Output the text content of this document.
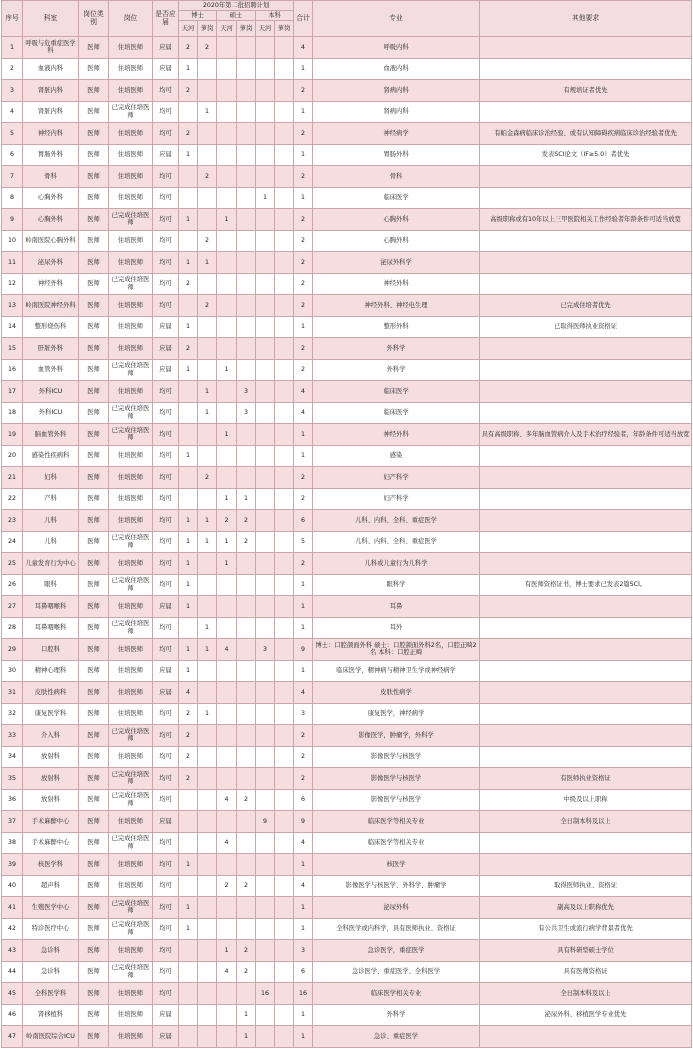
序号	科室	岗位类别	岗位	是否应届	2020年第二批招聘计划						合计	专业	其他要求
					博士		硕士		本科				
					天河	萝岗	天河	萝岗	天河	萝岗			
1	呼吸与危重症医学科	医师	住培医师	应届	2	2					4	呼吸内科	
2	血液内科	医师	住培医师	应届	1						1	血液内科	
3	肾脏内科	医师	住培医师	均可	2						2	肾病内科	有规培证者优先
4	肾脏内科	医师	已完成住培医师	均可		1					1	肾病内科	
5	神经内科	医师	住培医师	均可	2						2	神经病学	有帕金森病临床诊治经验、或有认知障碍疾病临床诊治经验者优先
6	胃肠外科	医师	住培医师	应届	1						1	胃肠外科	发表SCI论文（IF≥5.0）者优先
7	骨科	医师	住培医师	均可		2					2	骨科	
8	心胸外科	医师	住培医师	均可					1		1	临床医学	
9	心胸外科	医师	已完成住培医师	均可	1		1				2	心胸外科	高级职称或有10年以上三甲医院相关工作经验者年龄条件可适当放宽
10	岭南医院心胸外科	医师	住培医师	均可		2					2	心胸外科	
11	泌尿外科	医师	住培医师	均可	1	1					2	泌尿外科学	
12	神经外科	医师	已完成住培医师	均可	2						2	神经外科	
13	岭南医院神经外科	医师	住培医师	均可		2					2	神经外科、神经电生理	已完成住培者优先
14	整形烧伤科	医师	住培医师	应届	1						1	整形外科	已取得医师执业资格证
15	肝脏外科	医师	住培医师	应届	2						2	外科学	
16	血管外科	医师	已完成住培医师	应届	1		1				2	外科学	
17	外科ICU	医师	住培医师	均可		1		3			4	临床医学	
18	外科ICU	医师	已完成住培医师	均可		1		3			4	临床医学	
19	脑血管外科	医师	已完成住培医师	均可			1				1	神经外科	具有高级职称、多年脑血管病介入及手术治疗经验者，年龄条件可适当放宽
20	感染性疾病科	医师	住培医师	均可	1						1	感染	
21	妇科	医师	住培医师	均可		2					2	妇产科学	
22	产科	医师	住培医师	均可			1	1			2	妇产科学	
23	儿科	医师	住培医师	均可	1	1	2	2			6	儿科、内科、全科、重症医学	
24	儿科	医师	已完成住培医师	均可	1	1	1	2			5	儿科、内科、全科、重症医学	
25	儿童发育行为中心	医师	住培医师	均可	1		1				2	儿科或儿童行为儿科学	
26	眼科	医师	已完成住培医师	均可	1						1	眼科学	有医师资格证书，博士要求已发表2篇SCI。
27	耳鼻咽喉科	医师	住培医师	应届	1						1	耳鼻	
28	耳鼻咽喉科	医师	已完成住培医师	均可		1					1	耳外	
29	口腔科	医师	住培医师	均可	1	1	4		3		9	博士：口腔颌面外科 硕士：口腔颌面外科2名，口腔正畸2名 本科：口腔正畸	
30	精神心理科	医师	住培医师	应届	1						1	临床医学，精神病与精神卫生学或神经病学	
31	皮肤性病科	医师	住培医师	应届	4						4	皮肤性病学	
32	康复医学科	医师	住培医师	均可	2	1					3	康复医学，神经病学	
33	介入科	医师	已完成住培医师	均可	2						2	影像医学，肿瘤学，外科学	
34	放射科	医师	住培医师	均可	2						2	影像医学与核医学	
35	放射科	医师	已完成住培医师	均可	2						2	影像医学与核医学	有医师执业资格证
36	放射科	医师	已完成住培医师	均可			4	2			6	影像医学与核医学	中级及以上职称
37	手术麻醉中心	医师	住培医师	应届					9		9	临床医学等相关专业	全日制本科及以上
38	手术麻醉中心	医师	已完成住培医师	均可			4				4	临床医学等相关专业	
39	核医学科	医师	住培医师	均可	1						1	核医学	
40	超声科	医师	住培医师	均可			2	2			4	影像医学与核医学、外科学、肿瘤学	取得医师执业、资格证
41	生殖医学中心	医师	已完成住培医师	均可	1						1	泌尿外科	副高及以上职称优先
42	特诊医疗中心	医师	已完成住培医师	均可	1						1	全科医学或内科学，具有医师执业、资格证	有公共卫生或流行病学背景者优先
43	急诊科	医师	住培医师	均可			1	2			3	急诊医学，重症医学	具有科研型硕士学位
44	急诊科	医师	已完成住培医师	均可			4	2			6	急诊医学、重症医学、全科医学	具有医师资格证
45	全科医学科	医师	住培医师	均可					16		16	临床医学相关专业	全日制本科及以上
46	肾移植科	医师	住培医师	应届				1			1	外科学	泌尿外科、移植医学专业优先
47	岭南医院综合ICU	医师	住培医师	应届				1			1	急诊、重症医学	
